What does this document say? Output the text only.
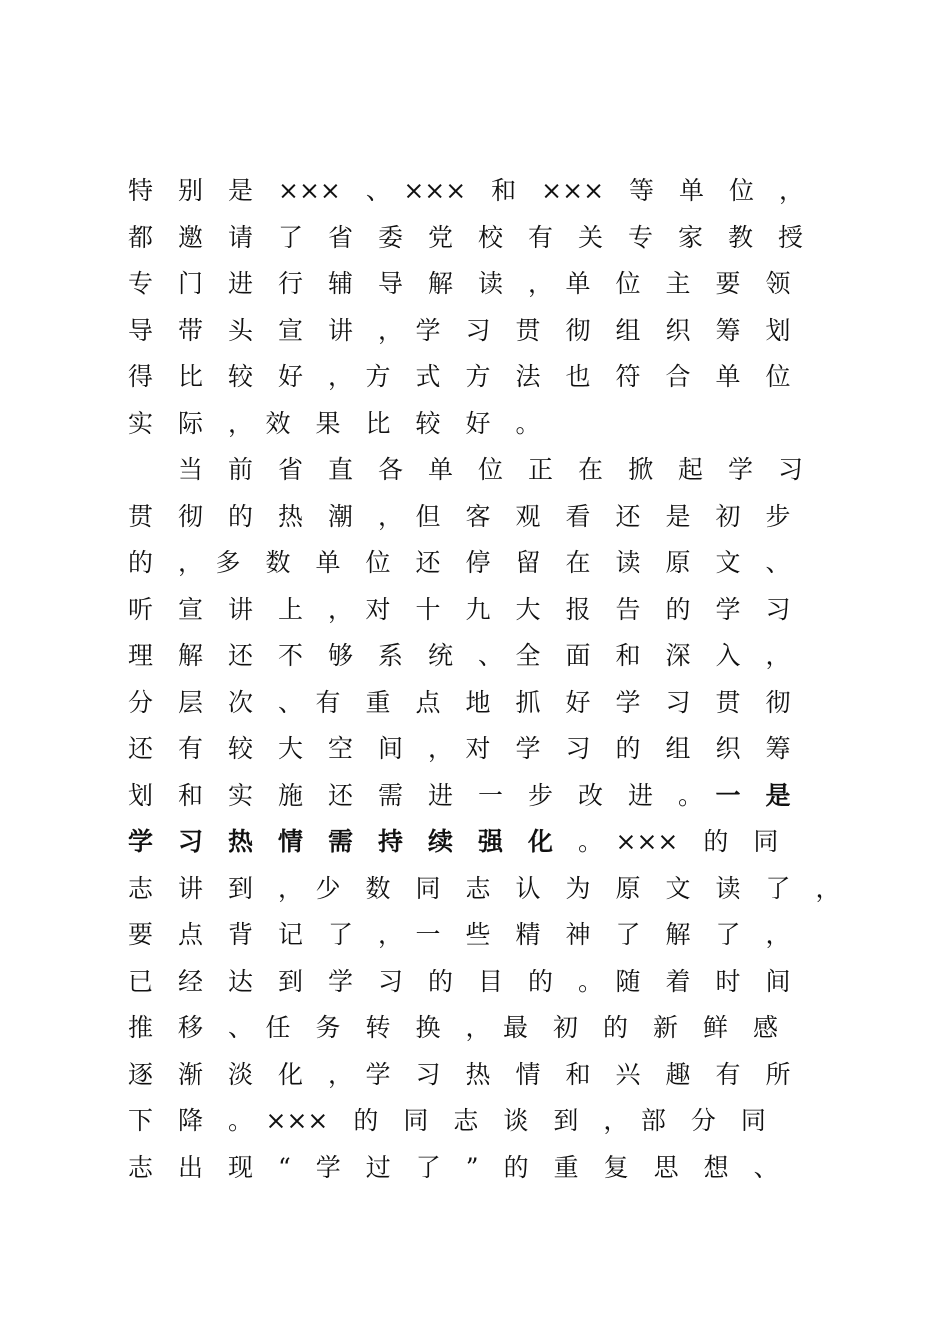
特　别　是　×××　、　×××　和　×××　等　单　位　，
都　邀　请　了　省　委　党　校　有　关　专　家　教　授
专　门　进　行　辅　导　解　读　，　单　位　主　要　领
导　带　头　宣　讲　，　学　习　贯　彻　组　织　筹　划
得　比　较　好　，　方　式　方　法　也　符　合　单　位
实　际　，　效　果　比　较　好　。
　　当　前　省　直　各　单　位　正　在　掀　起　学　习
贯　彻　的　热　潮　，　但　客　观　看　还　是　初　步
的　，　多　数　单　位　还　停　留　在　读　原　文　、
听　宣　讲　上　，　对　十　九　大　报　告　的　学　习
理　解　还　不　够　系　统　、　全　面　和　深　入　，
分　层　次　、　有　重　点　地　抓　好　学　习　贯　彻
还　有　较　大　空　间　，　对　学　习　的　组　织　筹
划　和　实　施　还　需　进　一　步　改　进　。　一　是
学　习　热　情　需　持　续　强　化　。　×××　的　同
志　讲　到　，　少　数　同　志　认　为　原　文　读　了　，
要　点　背　记　了　，　一　些　精　神　了　解　了　，
已　经　达　到　学　习　的　目　的　。　随　着　时　间
推　移　、　任　务　转　换　，　最　初　的　新　鲜　感
逐　渐　淡　化　，　学　习　热　情　和　兴　趣　有　所
下　降　。　×××　的　同　志　谈　到　，　部　分　同
志　出　现　“　学　过　了　”　的　重　复　思　想　、
